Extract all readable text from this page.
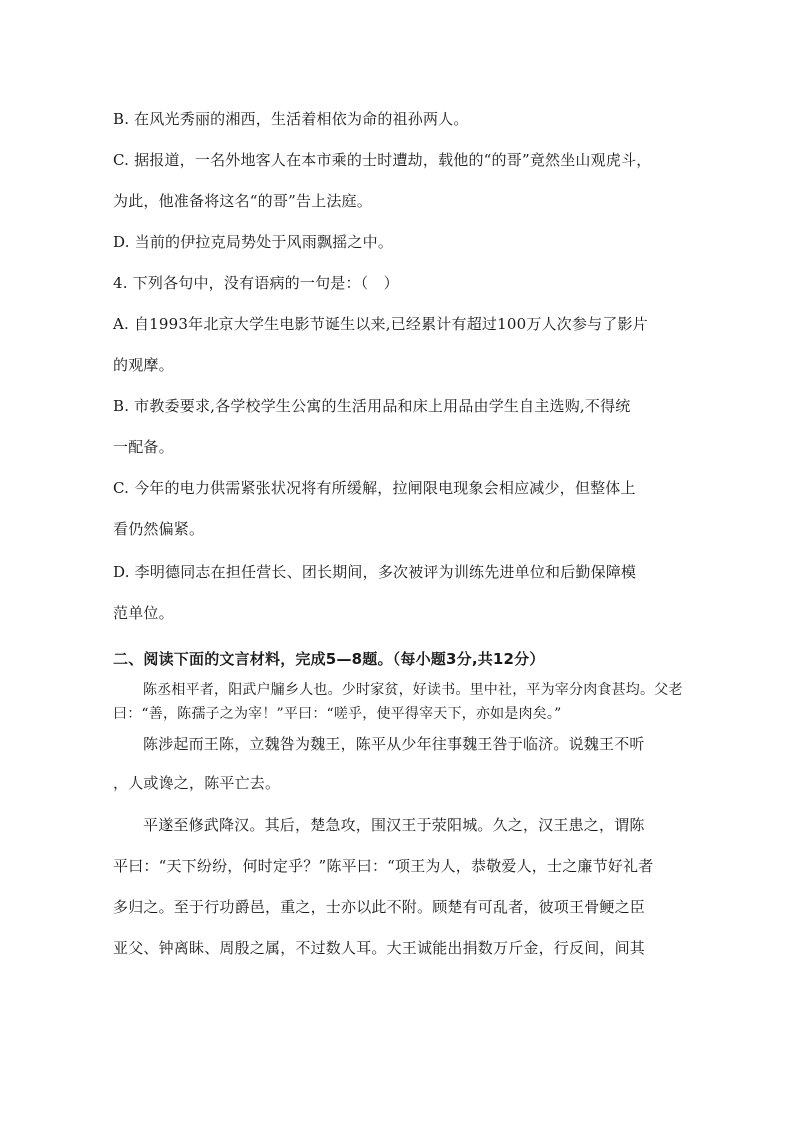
B. 在风光秀丽的湘西，生活着相依为命的祖孙两人。
C. 据报道，一名外地客人在本市乘的士时遭劫，载他的“的哥”竟然坐山观虎斗，
为此，他准备将这名“的哥”告上法庭。
D. 当前的伊拉克局势处于风雨飘摇之中。
4. 下列各句中，没有语病的一句是：（　）
A. 自1993年北京大学生电影节诞生以来,已经累计有超过100万人次参与了影片
的观摩。
B. 市教委要求,各学校学生公寓的生活用品和床上用品由学生自主选购,不得统
一配备。
C. 今年的电力供需紧张状况将有所缓解，拉闸限电现象会相应减少，但整体上
看仍然偏紧。
D. 李明德同志在担任营长、团长期间，多次被评为训练先进单位和后勤保障模
范单位。
二、阅读下面的文言材料，完成5—8题。（每小题3分,共12分）
陈丞相平者，阳武户牖乡人也。少时家贫，好读书。里中社，平为宰分肉食甚均。父老
曰：“善，陈孺子之为宰！”平曰：“嗟乎，使平得宰天下，亦如是肉矣。”
陈涉起而王陈，立魏咎为魏王，陈平从少年往事魏王咎于临济。说魏王不听
，人或谗之，陈平亡去。
平遂至修武降汉。其后，楚急攻，围汉王于荥阳城。久之，汉王患之，谓陈
平曰：“天下纷纷，何时定乎？”陈平曰：“项王为人，恭敬爱人，士之廉节好礼者
多归之。至于行功爵邑，重之，士亦以此不附。顾楚有可乱者，彼项王骨鲠之臣
亚父、钟离眛、周殷之属，不过数人耳。大王诚能出捐数万斤金，行反间，间其
